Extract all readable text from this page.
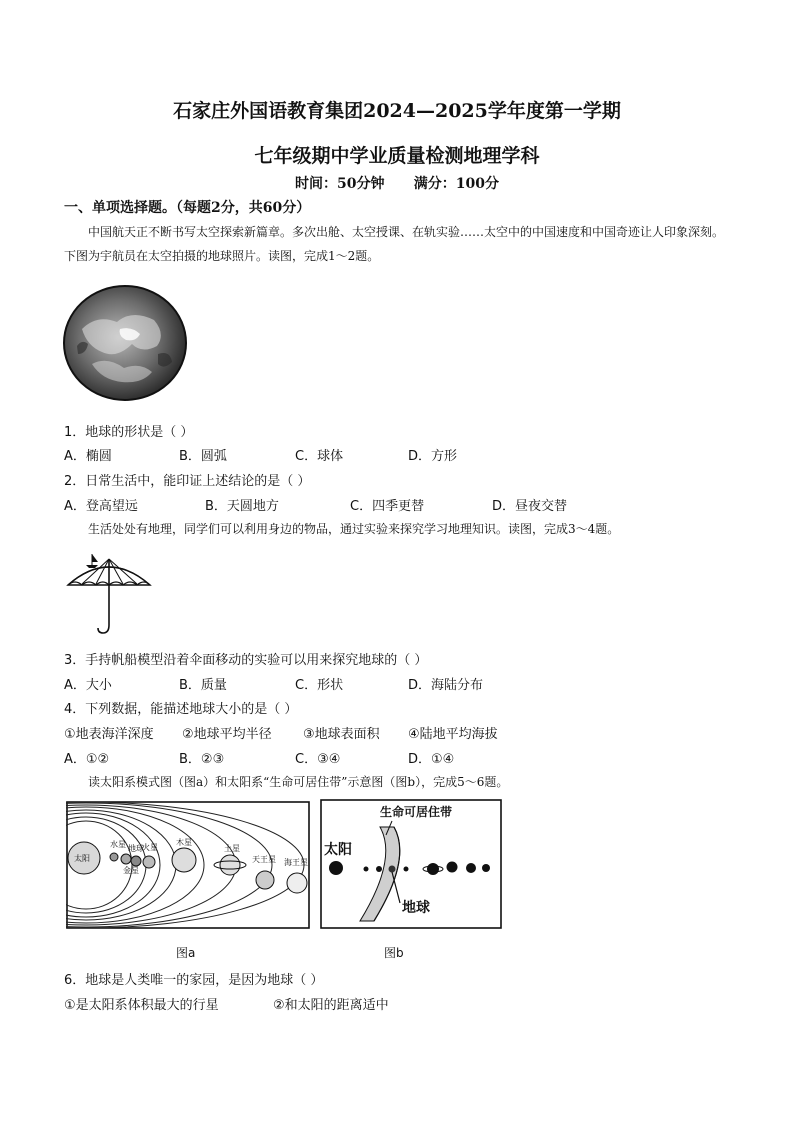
石家庄外国语教育集团2024—2025学年度第一学期
七年级期中学业质量检测地理学科
时间：50分钟      满分：100分
一、单项选择题。（每题2分，共60分）
中国航天正不断书写太空探索新篇章。多次出舱、太空授课、在轨实验……太空中的中国速度和中国奇迹让人印象深刻。下图为宇航员在太空拍摄的地球照片。读图，完成1～2题。
1．地球的形状是（ ）
A．椭圆	B．圆弧	C．球体	D．方形
2．日常生活中，能印证上述结论的是（ ）
A．登高望远	B．天圆地方	C．四季更替	D．昼夜交替
生活处处有地理，同学们可以利用身边的物品，通过实验来探究学习地理知识。读图，完成3～4题。
3．手持帆船模型沿着伞面移动的实验可以用来探究地球的（ ）
A．大小	B．质量	C．形状	D．海陆分布
4．下列数据，能描述地球大小的是（ ）
①地表海洋深度 ②地球平均半径 ③地球表面积 ④陆地平均海拔
A．①②	B．②③	C．③④	D．①④
读太阳系模式图（图a）和太阳系“生命可居住带”示意图（图b），完成5～6题。
太阳
水星
金星
地球
火星
木星
土星
天王星 海王星
图a
生命可居住带
太阳
地球
图b
6．地球是人类唯一的家园，是因为地球（ ）
①是太阳系体积最大的行星	②和太阳的距离适中
